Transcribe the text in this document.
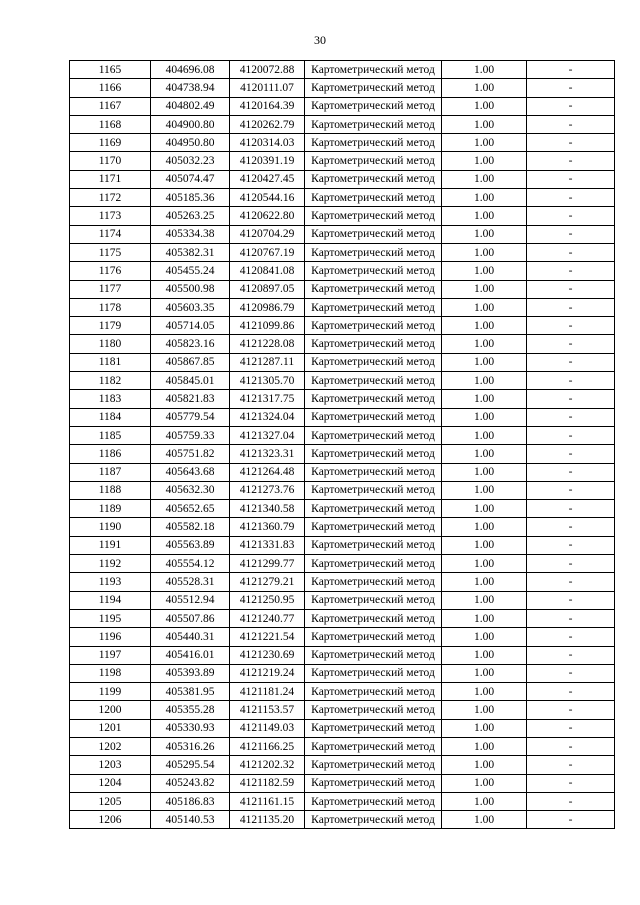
30
1165	404696.08	4120072.88	Картометрический метод	1.00	-
1166	404738.94	4120111.07	Картометрический метод	1.00	-
1167	404802.49	4120164.39	Картометрический метод	1.00	-
1168	404900.80	4120262.79	Картометрический метод	1.00	-
1169	404950.80	4120314.03	Картометрический метод	1.00	-
1170	405032.23	4120391.19	Картометрический метод	1.00	-
1171	405074.47	4120427.45	Картометрический метод	1.00	-
1172	405185.36	4120544.16	Картометрический метод	1.00	-
1173	405263.25	4120622.80	Картометрический метод	1.00	-
1174	405334.38	4120704.29	Картометрический метод	1.00	-
1175	405382.31	4120767.19	Картометрический метод	1.00	-
1176	405455.24	4120841.08	Картометрический метод	1.00	-
1177	405500.98	4120897.05	Картометрический метод	1.00	-
1178	405603.35	4120986.79	Картометрический метод	1.00	-
1179	405714.05	4121099.86	Картометрический метод	1.00	-
1180	405823.16	4121228.08	Картометрический метод	1.00	-
1181	405867.85	4121287.11	Картометрический метод	1.00	-
1182	405845.01	4121305.70	Картометрический метод	1.00	-
1183	405821.83	4121317.75	Картометрический метод	1.00	-
1184	405779.54	4121324.04	Картометрический метод	1.00	-
1185	405759.33	4121327.04	Картометрический метод	1.00	-
1186	405751.82	4121323.31	Картометрический метод	1.00	-
1187	405643.68	4121264.48	Картометрический метод	1.00	-
1188	405632.30	4121273.76	Картометрический метод	1.00	-
1189	405652.65	4121340.58	Картометрический метод	1.00	-
1190	405582.18	4121360.79	Картометрический метод	1.00	-
1191	405563.89	4121331.83	Картометрический метод	1.00	-
1192	405554.12	4121299.77	Картометрический метод	1.00	-
1193	405528.31	4121279.21	Картометрический метод	1.00	-
1194	405512.94	4121250.95	Картометрический метод	1.00	-
1195	405507.86	4121240.77	Картометрический метод	1.00	-
1196	405440.31	4121221.54	Картометрический метод	1.00	-
1197	405416.01	4121230.69	Картометрический метод	1.00	-
1198	405393.89	4121219.24	Картометрический метод	1.00	-
1199	405381.95	4121181.24	Картометрический метод	1.00	-
1200	405355.28	4121153.57	Картометрический метод	1.00	-
1201	405330.93	4121149.03	Картометрический метод	1.00	-
1202	405316.26	4121166.25	Картометрический метод	1.00	-
1203	405295.54	4121202.32	Картометрический метод	1.00	-
1204	405243.82	4121182.59	Картометрический метод	1.00	-
1205	405186.83	4121161.15	Картометрический метод	1.00	-
1206	405140.53	4121135.20	Картометрический метод	1.00	-
